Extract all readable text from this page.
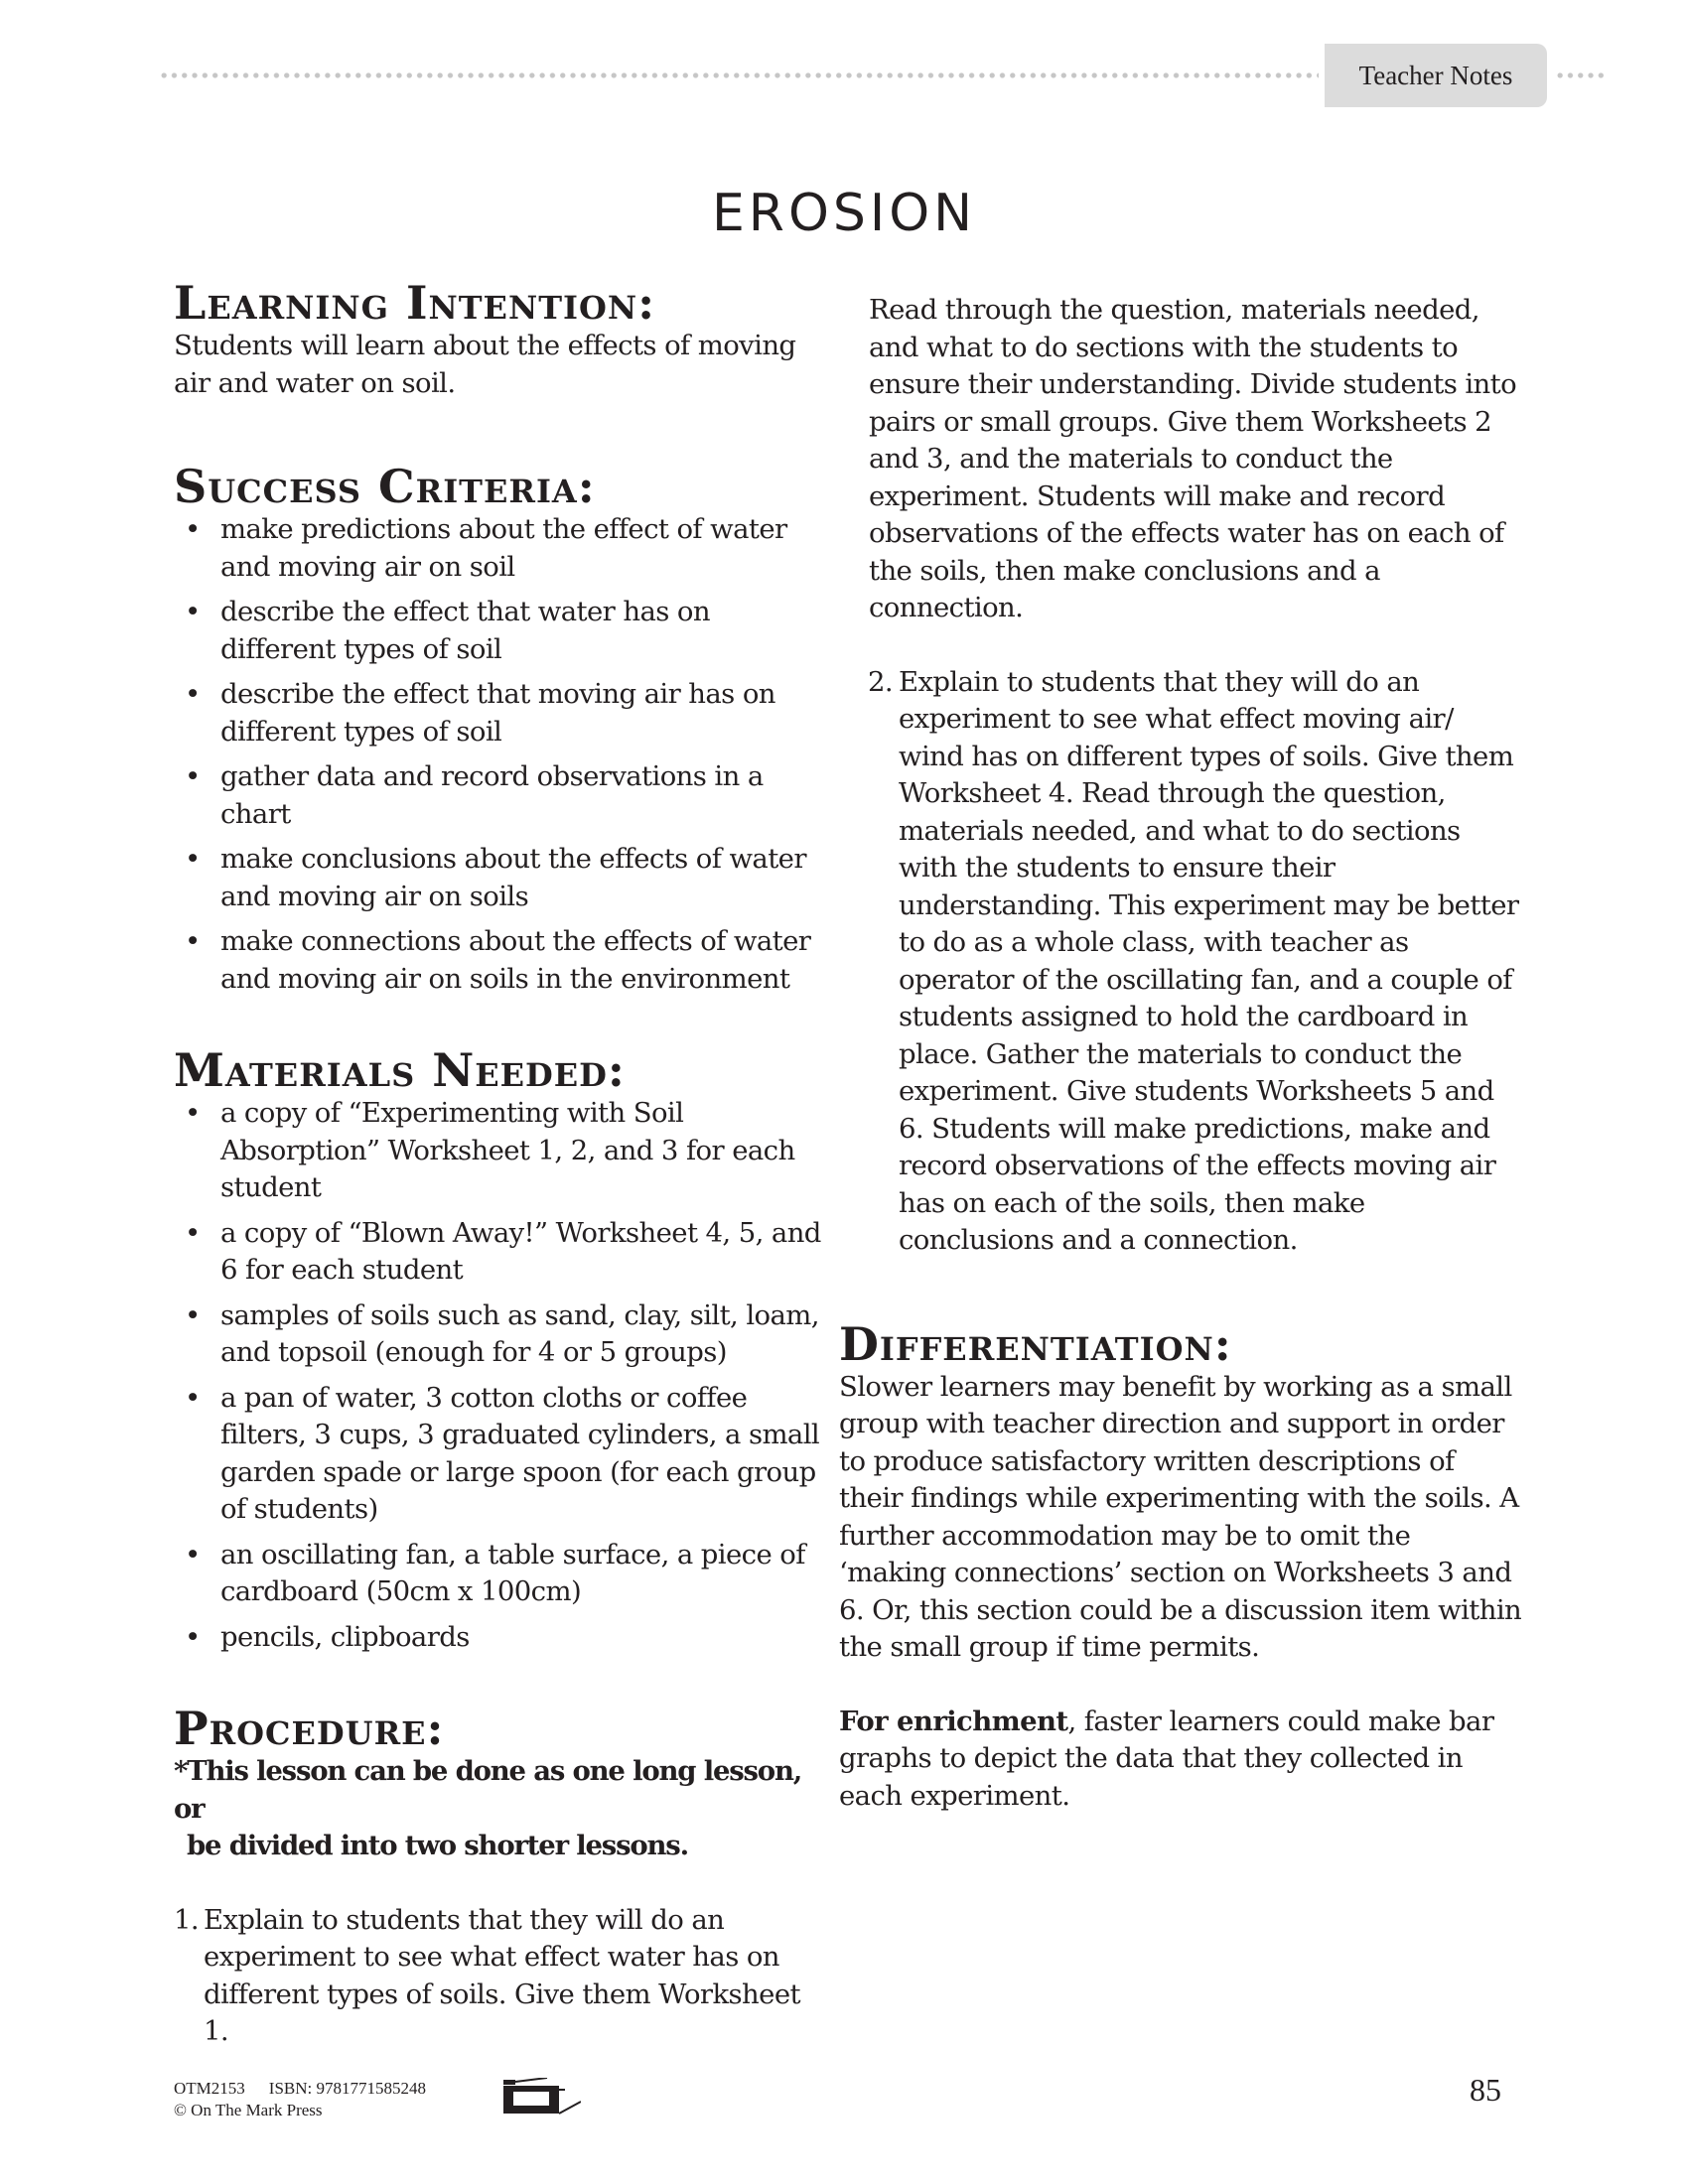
Teacher Notes
EROSION
Learning Intention:

Students will learn about the effects of moving air and water on soil.

Success Criteria:
• make predictions about the effect of water and moving air on soil
• describe the effect that water has on different types of soil
• describe the effect that moving air has on different types of soil
• gather data and record observations in a chart
• make conclusions about the effects of water and moving air on soils
• make connections about the effects of water and moving air on soils in the environment
Materials Needed:
• a copy of “Experimenting with Soil Absorption” Worksheet 1, 2, and 3 for each student
• a copy of “Blown Away!” Worksheet 4, 5, and 6 for each student
• samples of soils such as sand, clay, silt, loam, and topsoil (enough for 4 or 5 groups)
• a pan of water, 3 cotton cloths or coffee filters, 3 cups, 3 graduated cylinders, a small garden spade or large spoon (for each group of students)
• an oscillating fan, a table surface, a piece of cardboard (50cm x 100cm)
• pencils, clipboards
Procedure:

*This lesson can be done as one long lesson, or
be divided into two shorter lessons.

1. Explain to students that they will do an experiment to see what effect water has on different types of soils. Give them Worksheet 1.

Read through the question, materials needed, and what to do sections with the students to ensure their understanding. Divide students into pairs or small groups. Give them Worksheets 2 and 3, and the materials to conduct the experiment. Students will make and record observations of the effects water has on each of the soils, then make conclusions and a connection.

2. Explain to students that they will do an experiment to see what effect moving air/ wind has on different types of soils. Give them Worksheet 4. Read through the question, materials needed, and what to do sections with the students to ensure their understanding. This experiment may be better to do as a whole class, with teacher as operator of the oscillating fan, and a couple of students assigned to hold the cardboard in place. Gather the materials to conduct the experiment. Give students Worksheets 5 and 6. Students will make predictions, make and record observations of the effects moving air has on each of the soils, then make conclusions and a connection.
Differentiation:

Slower learners may benefit by working as a small group with teacher direction and support in order to produce satisfactory written descriptions of their findings while experimenting with the soils. A further accommodation may be to omit the ‘making connections’ section on Worksheets 3 and 6. Or, this section could be a discussion item within the small group if time permits.

For enrichment, faster learners could make bar graphs to depict the data that they collected in each experiment.

OTM2153 ISBN: 9781771585248
© On The Mark Press
85
